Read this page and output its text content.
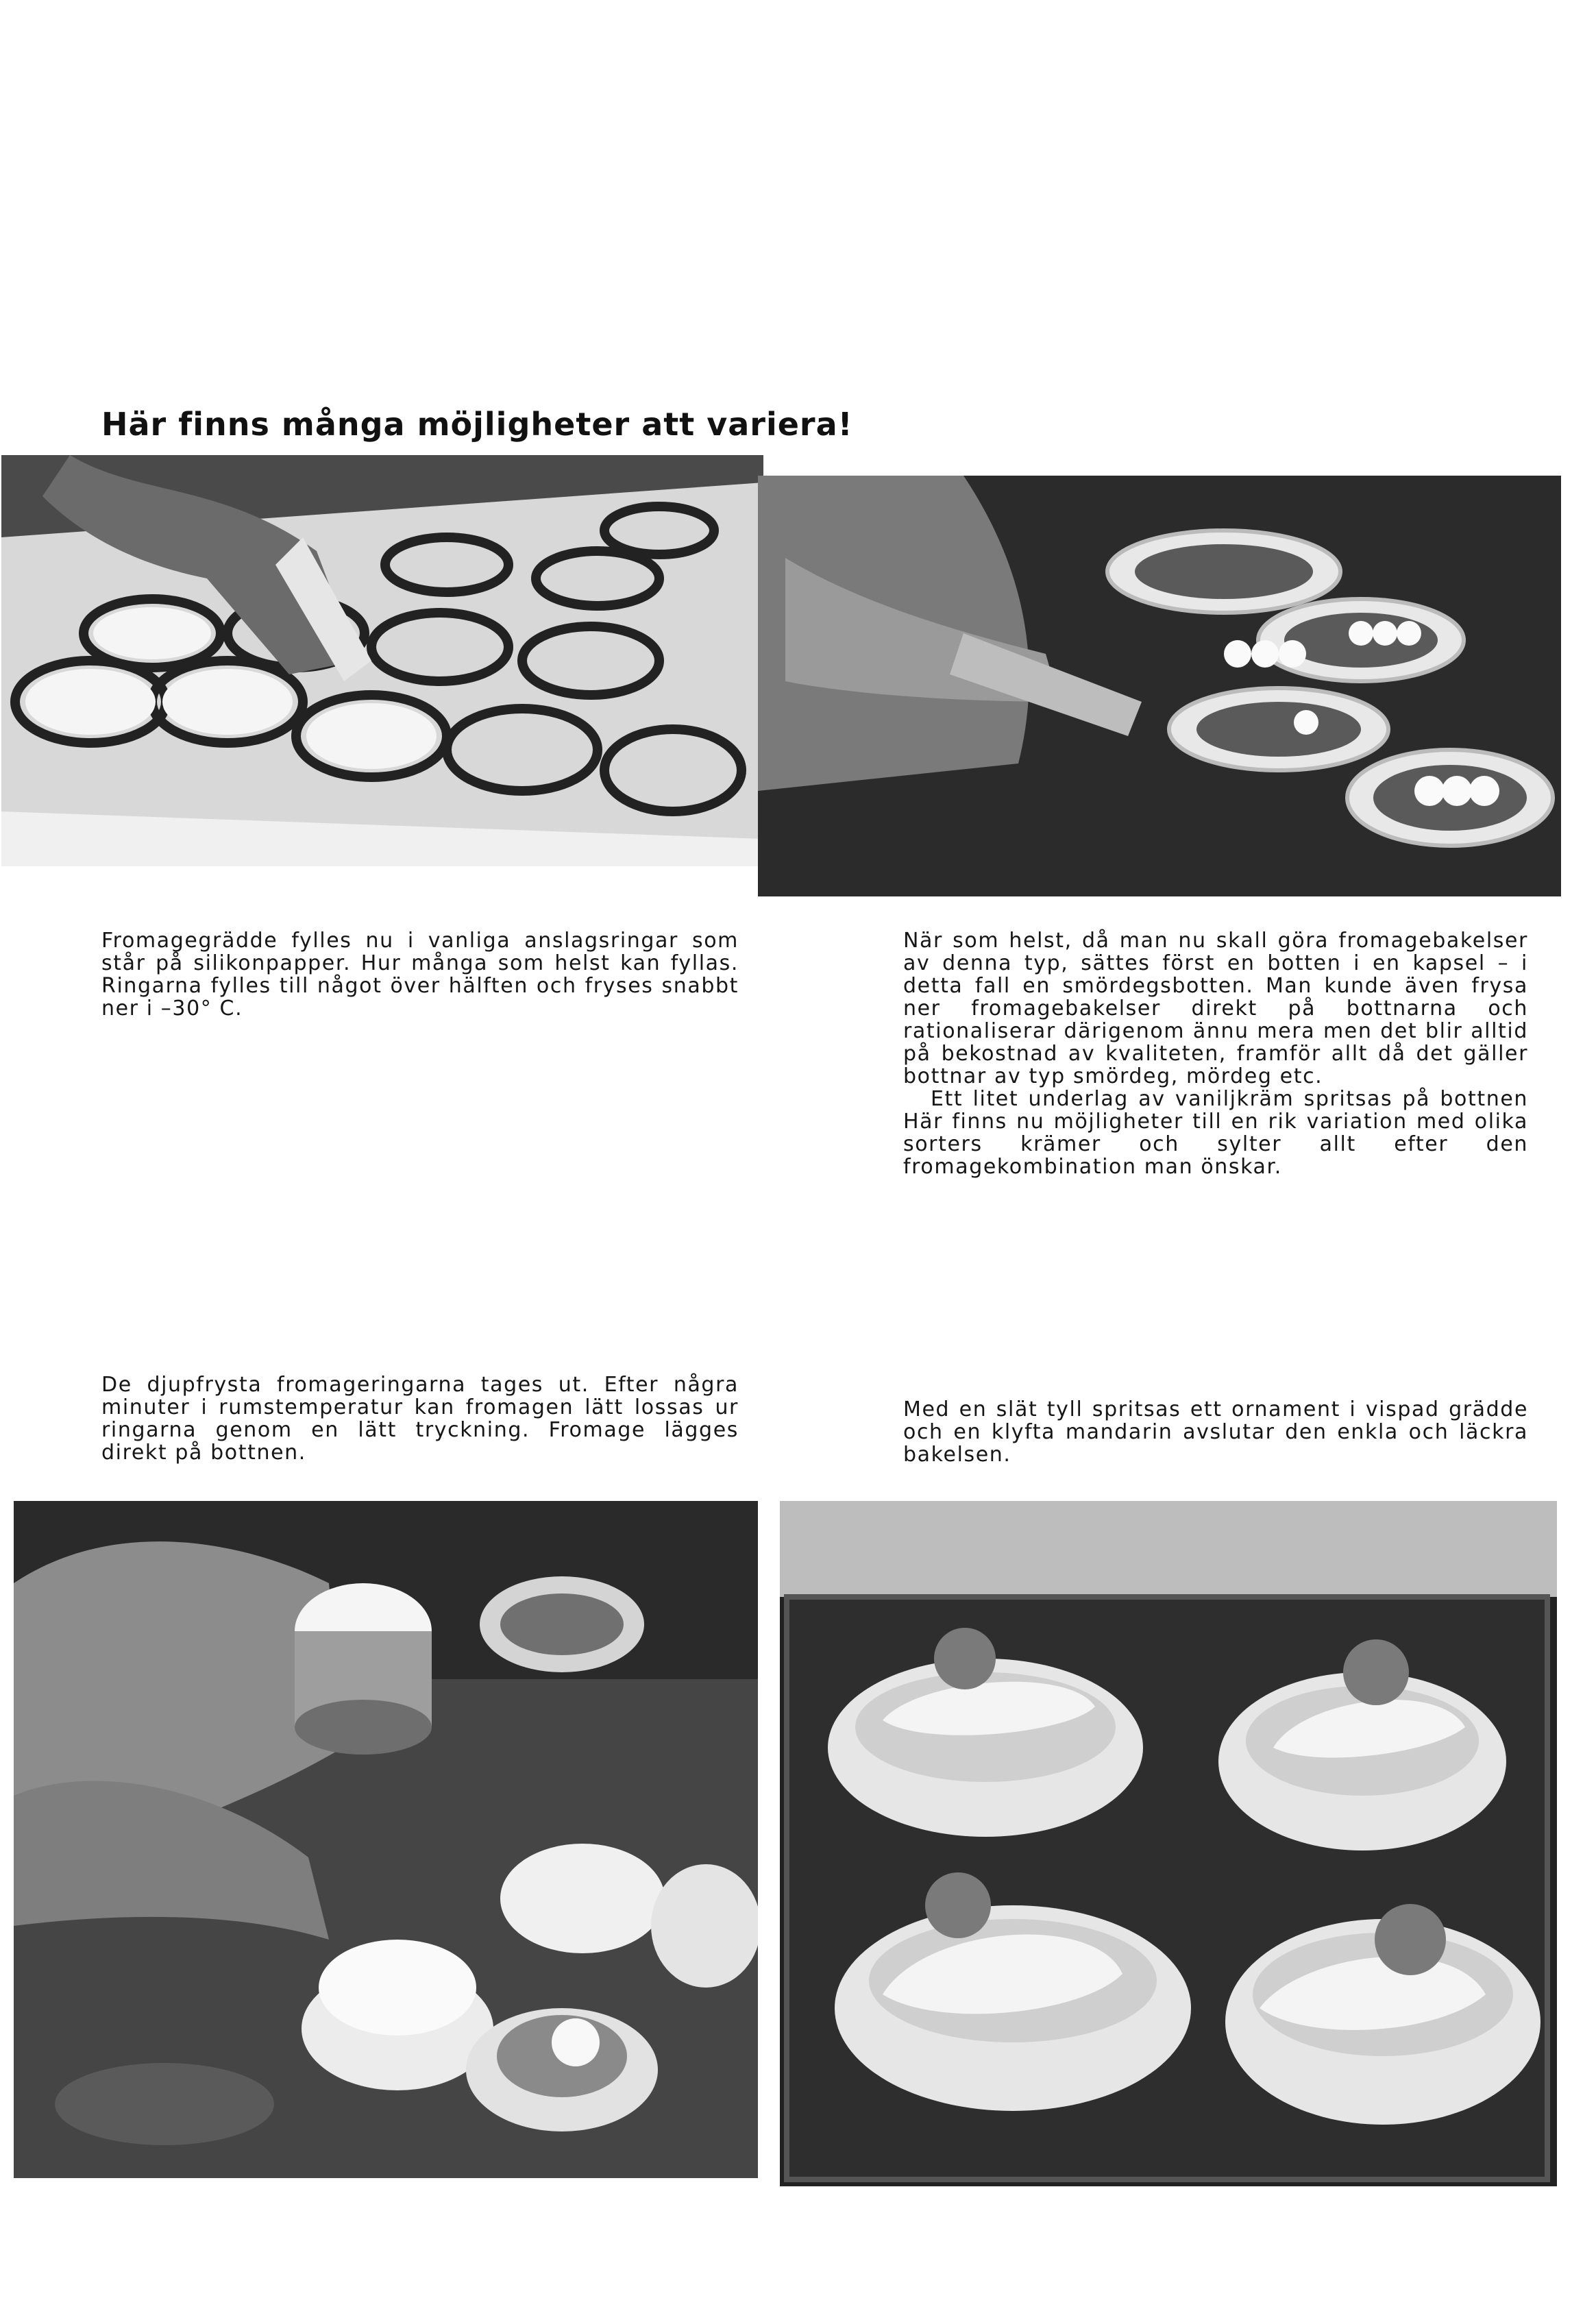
Här finns många möjligheter att variera!

Fromagegrädde fylles nu i vanliga anslagsringar som står på silikonpapper. Hur många som helst kan fyllas. Ringarna fylles till något över hälften och fryses snabbt ner i –30° C.

När som helst, då man nu skall göra fromagebakelser av denna typ, sättes först en botten i en kapsel – i detta fall en smördegsbotten. Man kunde även frysa ner fromagebakelser direkt på bottnarna och rationaliserar därigenom ännu mera men det blir alltid på bekostnad av kvaliteten, framför allt då det gäller bottnar av typ smördeg, mördeg etc.

Ett litet underlag av vaniljkräm spritsas på bottnen Här finns nu möjligheter till en rik variation med olika sorters krämer och sylter allt efter den fromagekombination man önskar.

De djupfrysta fromageringarna tages ut. Efter några minuter i rumstemperatur kan fromagen lätt lossas ur ringarna genom en lätt tryckning. Fromage lägges direkt på bottnen.

Med en slät tyll spritsas ett ornament i vispad grädde och en klyfta mandarin avslutar den enkla och läckra bakelsen.
